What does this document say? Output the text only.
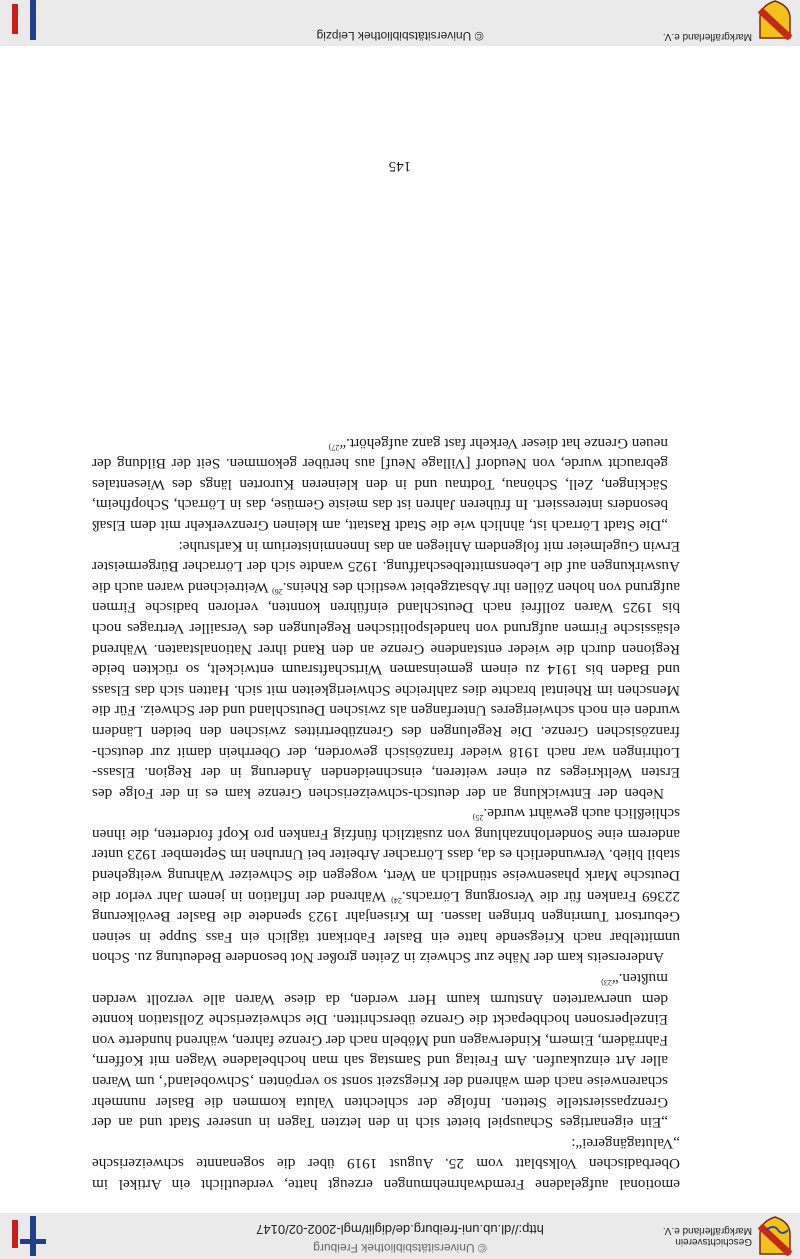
Geschichtsverein
Markgräflerland e.V.
© Universitätsbibliothek Freiburg
http://dl.ub.uni-freiburg.de/diglit/mgl-2002-02/0147

emotional aufgeladene Fremdwahrnehmungen erzeugt hatte, verdeutlicht ein Artikel im Oberbadischen Volksblatt vom 25. August 1919 über die sogenannte schweizerische „Valutagängerei“:

„Ein eigenartiges Schauspiel bietet sich in den letzten Tagen in unserer Stadt und an der Grenzpassierstelle Stetten. Infolge der schlechten Valuta kommen die Basler nunmehr scharenweise nach dem während der Kriegszeit sonst so verpönten ‚Schwobeland‘, um Waren aller Art einzukaufen. Am Freitag und Samstag sah man hochbeladene Wagen mit Koffern, Fahrrädern, Eimern, Kinderwagen und Möbeln nach der Grenze fahren, während hunderte von Einzelpersonen hochbepackt die Grenze überschritten. Die schweizerische Zollstation konnte dem unerwarteten Ansturm kaum Herr werden, da diese Waren alle verzollt werden mußten.“$^{23)}$

Andererseits kam der Nähe zur Schweiz in Zeiten großer Not besondere Bedeutung zu. Schon unmittelbar nach Kriegsende hatte ein Basler Fabrikant täglich ein Fass Suppe in seinen Geburtsort Tumringen bringen lassen. Im Krisenjahr 1923 spendete die Basler Bevölkerung 22369 Franken für die Versorgung Lörrachs.$^{24)}$ Während der Inflation in jenem Jahr verlor die Deutsche Mark phasenweise stündlich an Wert, wogegen die Schweizer Währung weitgehend stabil blieb. Verwunderlich es da, dass Lörracher Arbeiter bei Unruhen im September 1923 unter anderem eine Sonderlohnzahlung von zusätzlich fünfzig Franken pro Kopf forderten, die ihnen schließlich auch gewährt wurde.$^{25)}$

Neben der Entwicklung an der deutsch-schweizerischen Grenze kam es in der Folge des Ersten Weltkrieges zu einer weiteren, einschneidenden Änderung in der Region. Elsass-Lothringen war nach 1918 wieder französisch geworden, der Oberrhein damit zur deutsch-französischen Grenze. Die Regelungen des Grenzübertrittes zwischen den beiden Ländern wurden ein noch schwierigeres Unterfangen als zwischen Deutschland und der Schweiz. Für die Menschen im Rheintal brachte dies zahlreiche Schwierigkeiten mit sich. Hatten sich das Elsass und Baden bis 1914 zu einem gemeinsamen Wirtschaftsraum entwickelt, so rückten beide Regionen durch die wieder entstandene Grenze an den Rand ihrer Nationalstaaten. Während elsässische Firmen aufgrund von handelspolitischen Regelungen des Versailler Vertrages noch bis 1925 Waren zollfrei nach Deutschland einführen konnten, verloren badische Firmen aufgrund von hohen Zöllen ihr Absatzgebiet westlich des Rheins.$^{26)}$ Weitreichend waren auch die Auswirkungen auf die Lebensmittelbeschaffung. 1925 wandte sich der Lörracher Bürgermeister Erwin Gugelmeier mit folgendem Anliegen an das Innenministerium in Karlsruhe:

„Die Stadt Lörrach ist, ähnlich wie die Stadt Rastatt, am kleinen Grenzverkehr mit dem Elsaß besonders interessiert. In früheren Jahren ist das meiste Gemüse, das in Lörrach, Schopfheim, Säckingen, Zell, Schönau, Todtnau und in den kleineren Kurorten längs des Wiesentales gebraucht wurde, von Neudorf [Village Neuf] aus herüber gekommen. Seit der Bildung der neuen Grenze hat dieser Verkehr fast ganz aufgehört.“$^{27)}$

145
Markgräflerland e.V.
© Universitätsbibliothek Leipzig
